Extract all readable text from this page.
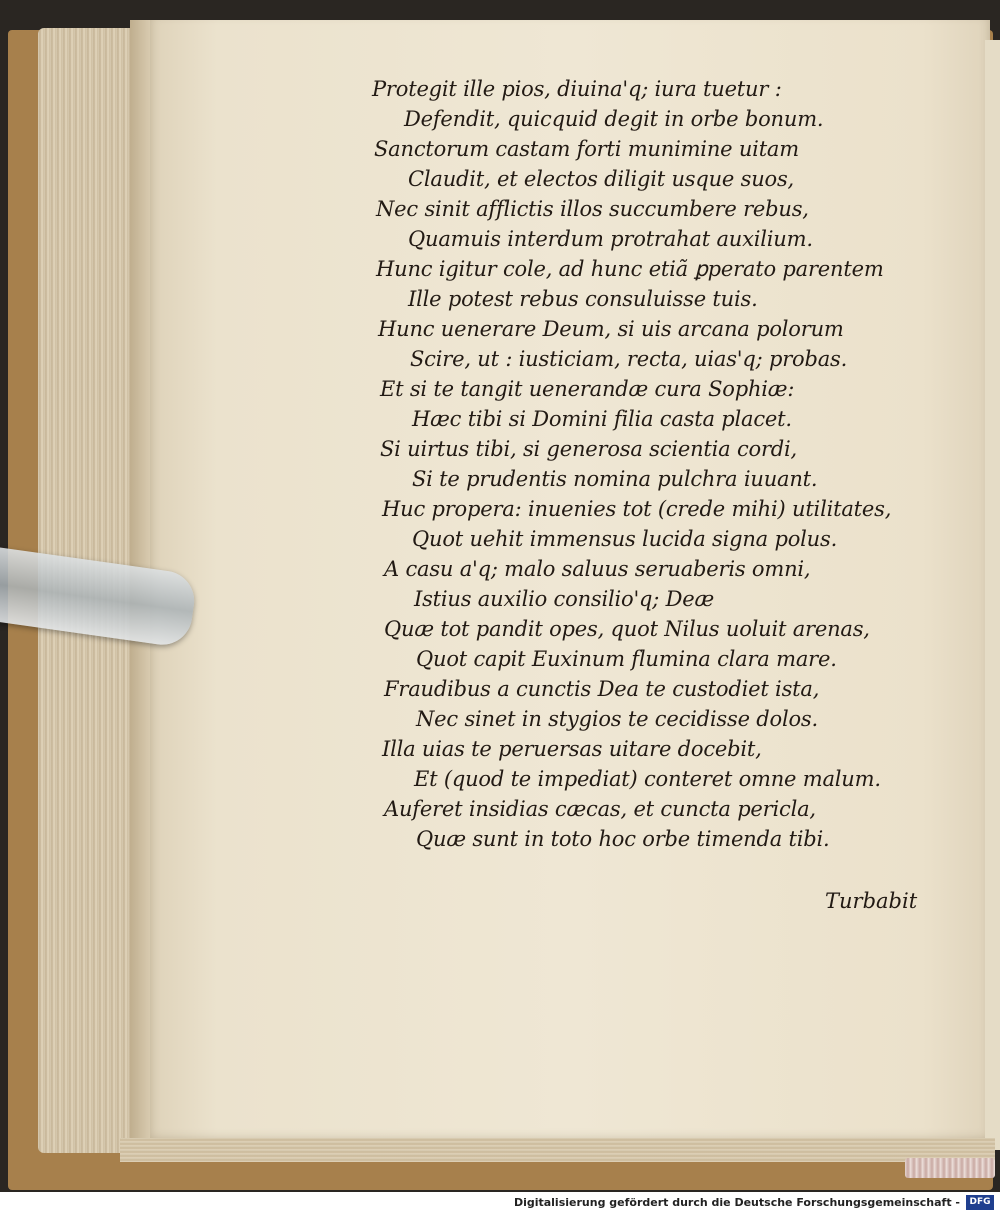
Protegit ille pios, diuina'q; iura tuetur :
Defendit, quicquid degit in orbe bonum.
Sanctorum castam forti munimine uitam
Claudit, et electos diligit usque suos,
Nec sinit afflictis illos succumbere rebus,
Quamuis interdum protrahat auxilium.
Hunc igitur cole, ad hunc etiã ꝑperato parentem
Ille potest rebus consuluisse tuis.
Hunc uenerare Deum, si uis arcana polorum
Scire, ut : iusticiam, recta, uias'q; probas.
Et si te tangit uenerandæ cura Sophiæ:
Hæc tibi si Domini filia casta placet.
Si uirtus tibi, si generosa scientia cordi,
Si te prudentis nomina pulchra iuuant.
Huc propera: inuenies tot (crede mihi) utilitates,
Quot uehit immensus lucida signa polus.
A casu a'q; malo saluus seruaberis omni,
Istius auxilio consilio'q; Deæ
Quæ tot pandit opes, quot Nilus uoluit arenas,
Quot capit Euxinum flumina clara mare.
Fraudibus a cunctis Dea te custodiet ista,
Nec sinet in stygios te cecidisse dolos.
Illa uias te peruersas uitare docebit,
Et (quod te impediat) conteret omne malum.
Auferet insidias cæcas, et cuncta pericla,
Quæ sunt in toto hoc orbe timenda tibi.
Turbabit
Digitalisierung gefördert durch die Deutsche Forschungsgemeinschaft -	DFG
